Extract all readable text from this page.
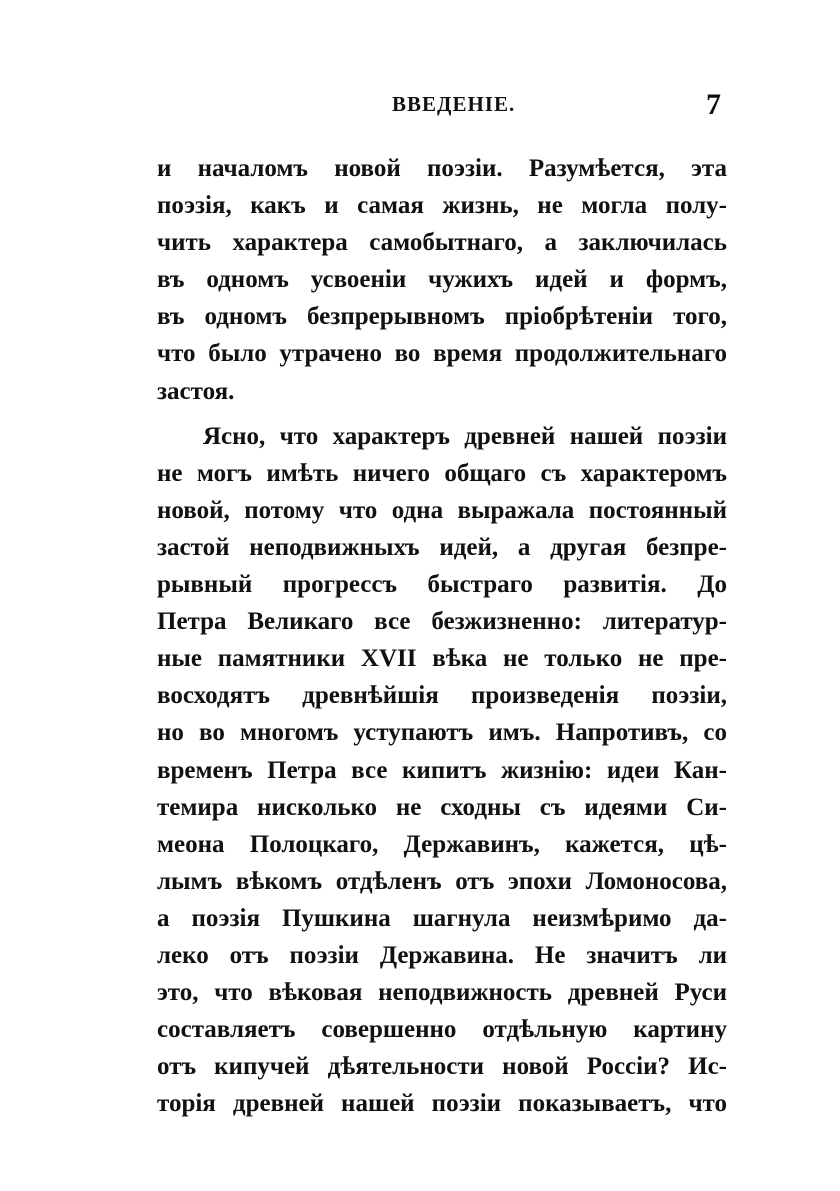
ВВЕДЕНІЕ.	7
и началомъ новой поэзіи. Разумѣется, эта
поэзія, какъ и самая жизнь, не могла полу-
чить характера самобытнаго, а заключилась
въ одномъ усвоеніи чужихъ идей и формъ,
въ одномъ безпрерывномъ пріобрѣтеніи того,
что было утрачено во время продолжительнаго
застоя.
Ясно, что характеръ древней нашей поэзіи
не могъ имѣть ничего общаго съ характеромъ
новой, потому что одна выражала постоянный
застой неподвижныхъ идей, а другая безпре-
рывный прогрессъ быстраго развитія. До
Петра Великаго все безжизненно: литератур-
ные памятники XVII вѣка не только не пре-
восходятъ древнѣйшія произведенія поэзіи,
но во многомъ уступаютъ имъ. Напротивъ, со
временъ Петра все кипитъ жизнію: идеи Кан-
темира нисколько не сходны съ идеями Си-
меона Полоцкаго, Державинъ, кажется, цѣ-
лымъ вѣкомъ отдѣленъ отъ эпохи Ломоносова,
а поэзія Пушкина шагнула неизмѣримо да-
леко отъ поэзіи Державина. Не значитъ ли
это, что вѣковая неподвижность древней Руси
составляетъ совершенно отдѣльную картину
отъ кипучей дѣятельности новой Россіи? Ис-
торія древней нашей поэзіи показываетъ, что
